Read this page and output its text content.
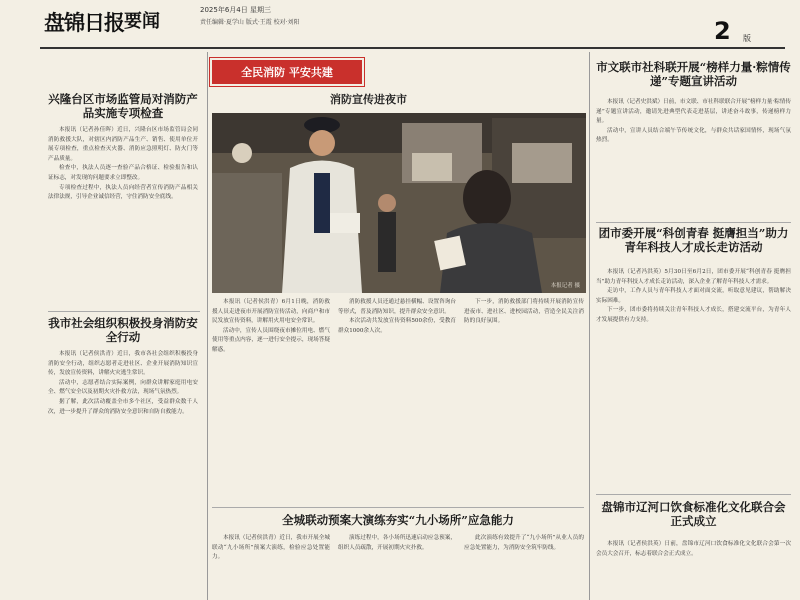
盘锦日报 要闻
2025年6月4日 星期三
责任编辑·夏学山 版式·王霞 校对·刘阳	2 版
全民消防 平安共建
兴隆台区市场监管局对消防产品实施专项检查

本报讯（记者孙佳晖）近日，兴隆台区市场监管局会同消防救援大队，对辖区内消防产品生产、销售、使用单位开展专项检查，重点检查灭火器、消防应急照明灯、防火门等产品质量。

检查中，执法人员逐一查验产品合格证、检验报告和认证标志，对发现的问题要求立即整改。

专项检查过程中，执法人员向经营者宣传消防产品相关法律法规，引导企业诚信经营，守住消防安全底线。

我市社会组织积极投身消防安全行动

本报讯（记者侯洪青）近日，我市各社会组织积极投身消防安全行动，组织志愿者走进社区、企业开展消防知识宣传，发放宣传资料，讲解火灾逃生常识。

活动中，志愿者结合实际案例，向群众讲解家庭用电安全、燃气安全以及初期火灾扑救方法，现场气氛热烈。

据了解，此次活动覆盖全市多个社区，受益群众数千人次，进一步提升了群众的消防安全意识和自防自救能力。

消防宣传进夜市
本报记者 摄

本报讯（记者侯洪青）6月1日晚，消防救援人员走进夜市开展消防宣传活动，向商户和市民发放宣传资料，讲解用火用电安全常识。

活动中，宣传人员围绕夜市摊位用电、燃气使用等重点内容，逐一进行安全提示，现场答疑解惑。

消防救援人员还通过悬挂横幅、设置咨询台等形式，普及消防知识，提升群众安全意识。

本次活动共发放宣传资料500余份，受教育群众1000余人次。

下一步，消防救援部门将持续开展消防宣传进夜市、进社区、进校园活动，营造全民关注消防的良好氛围。

全城联动预案大演练夯实“九小场所”应急能力

本报讯（记者侯洪青）近日，我市开展全城联动“九小场所”预案大演练，检验应急处置能力。

演练过程中，各小场所迅速启动应急预案，组织人员疏散，开展初期火灾扑救。

此次演练有效提升了“九小场所”从业人员的应急处置能力，为消防安全筑牢防线。

市文联市社科联开展“榜样力量·粽情传递”专题宣讲活动

本报讯（记者史洪斌）日前，市文联、市社科联联合开展“榜样力量·粽情传递”专题宣讲活动，邀请先进典型代表走进基层，讲述奋斗故事，传递榜样力量。

活动中，宣讲人员结合端午节传统文化，与群众共话家国情怀，现场气氛热烈。

团市委开展“科创青春 挺膺担当”助力青年科技人才成长走访活动

本报讯（记者冯洪英）5月30日至6月2日，团市委开展“科创青春 挺膺担当”助力青年科技人才成长走访活动，深入企业了解青年科技人才需求。

走访中，工作人员与青年科技人才面对面交流，听取意见建议，帮助解决实际困难。

下一步，团市委将持续关注青年科技人才成长，搭建交流平台，为青年人才发展提供有力支持。

盘锦市辽河口饮食标准化文化联合会正式成立

本报讯（记者侯洪英）日前，盘锦市辽河口饮食标准化文化联合会第一次会员大会召开，标志着联合会正式成立。
